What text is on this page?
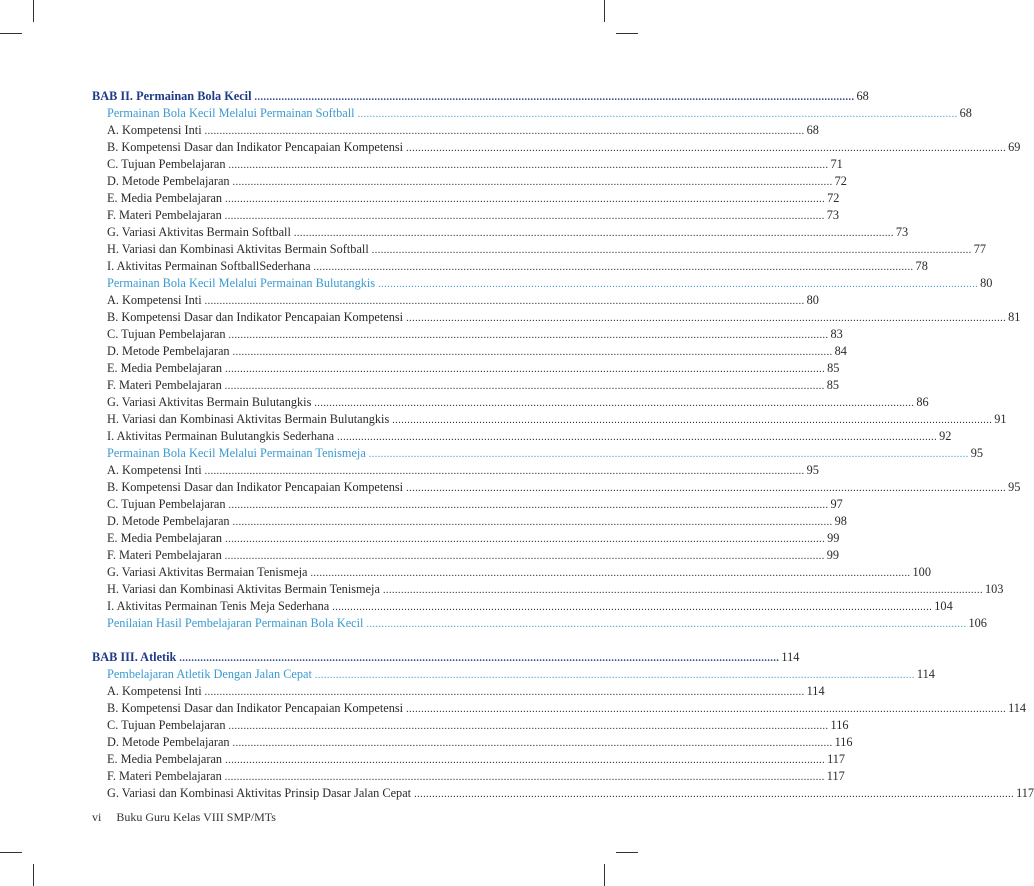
BAB II. Permainan Bola Kecil ........................................................................................................................................................................................................ 68
Permainan Bola Kecil Melalui Permainan Softball ........................................................................................................................................................................................................ 68
A. Kompetensi Inti ........................................................................................................................................................................................................ 68
B. Kompetensi Dasar dan Indikator Pencapaian Kompetensi ........................................................................................................................................................................................................ 69
C. Tujuan Pembelajaran ........................................................................................................................................................................................................ 71
D. Metode Pembelajaran ........................................................................................................................................................................................................ 72
E. Media Pembelajaran ........................................................................................................................................................................................................ 72
F. Materi Pembelajaran ........................................................................................................................................................................................................ 73
G. Variasi Aktivitas Bermain Softball ........................................................................................................................................................................................................ 73
H. Variasi dan Kombinasi Aktivitas Bermain Softball ........................................................................................................................................................................................................ 77
I. Aktivitas Permainan SoftballSederhana ........................................................................................................................................................................................................ 78
Permainan Bola Kecil Melalui Permainan Bulutangkis ........................................................................................................................................................................................................ 80
A. Kompetensi Inti ........................................................................................................................................................................................................ 80
B. Kompetensi Dasar dan Indikator Pencapaian Kompetensi ........................................................................................................................................................................................................ 81
C. Tujuan Pembelajaran ........................................................................................................................................................................................................ 83
D. Metode Pembelajaran ........................................................................................................................................................................................................ 84
E. Media Pembelajaran ........................................................................................................................................................................................................ 85
F. Materi Pembelajaran ........................................................................................................................................................................................................ 85
G. Variasi Aktivitas Bermain Bulutangkis ........................................................................................................................................................................................................ 86
H. Variasi dan Kombinasi Aktivitas Bermain Bulutangkis ........................................................................................................................................................................................................ 91
I. Aktivitas Permainan Bulutangkis Sederhana ........................................................................................................................................................................................................ 92
Permainan Bola Kecil Melalui Permainan Tenismeja ........................................................................................................................................................................................................ 95
A. Kompetensi Inti ........................................................................................................................................................................................................ 95
B. Kompetensi Dasar dan Indikator Pencapaian Kompetensi ........................................................................................................................................................................................................ 95
C. Tujuan Pembelajaran ........................................................................................................................................................................................................ 97
D. Metode Pembelajaran ........................................................................................................................................................................................................ 98
E. Media Pembelajaran ........................................................................................................................................................................................................ 99
F. Materi Pembelajaran ........................................................................................................................................................................................................ 99
G. Variasi Aktivitas Bermaian Tenismeja ........................................................................................................................................................................................................ 100
H. Variasi dan Kombinasi Aktivitas Bermain Tenismeja ........................................................................................................................................................................................................ 103
I. Aktivitas Permainan Tenis Meja Sederhana ........................................................................................................................................................................................................ 104
Penilaian Hasil Pembelajaran Permainan Bola Kecil ........................................................................................................................................................................................................ 106
BAB III. Atletik ........................................................................................................................................................................................................ 114
Pembelajaran Atletik Dengan Jalan Cepat ........................................................................................................................................................................................................ 114
A. Kompetensi Inti ........................................................................................................................................................................................................ 114
B. Kompetensi Dasar dan Indikator Pencapaian Kompetensi ........................................................................................................................................................................................................ 114
C. Tujuan Pembelajaran ........................................................................................................................................................................................................ 116
D. Metode Pembelajaran ........................................................................................................................................................................................................ 116
E. Media Pembelajaran ........................................................................................................................................................................................................ 117
F. Materi Pembelajaran ........................................................................................................................................................................................................ 117
G. Variasi dan Kombinasi Aktivitas Prinsip Dasar Jalan Cepat ........................................................................................................................................................................................................ 117
vi Buku Guru Kelas VIII SMP/MTs
